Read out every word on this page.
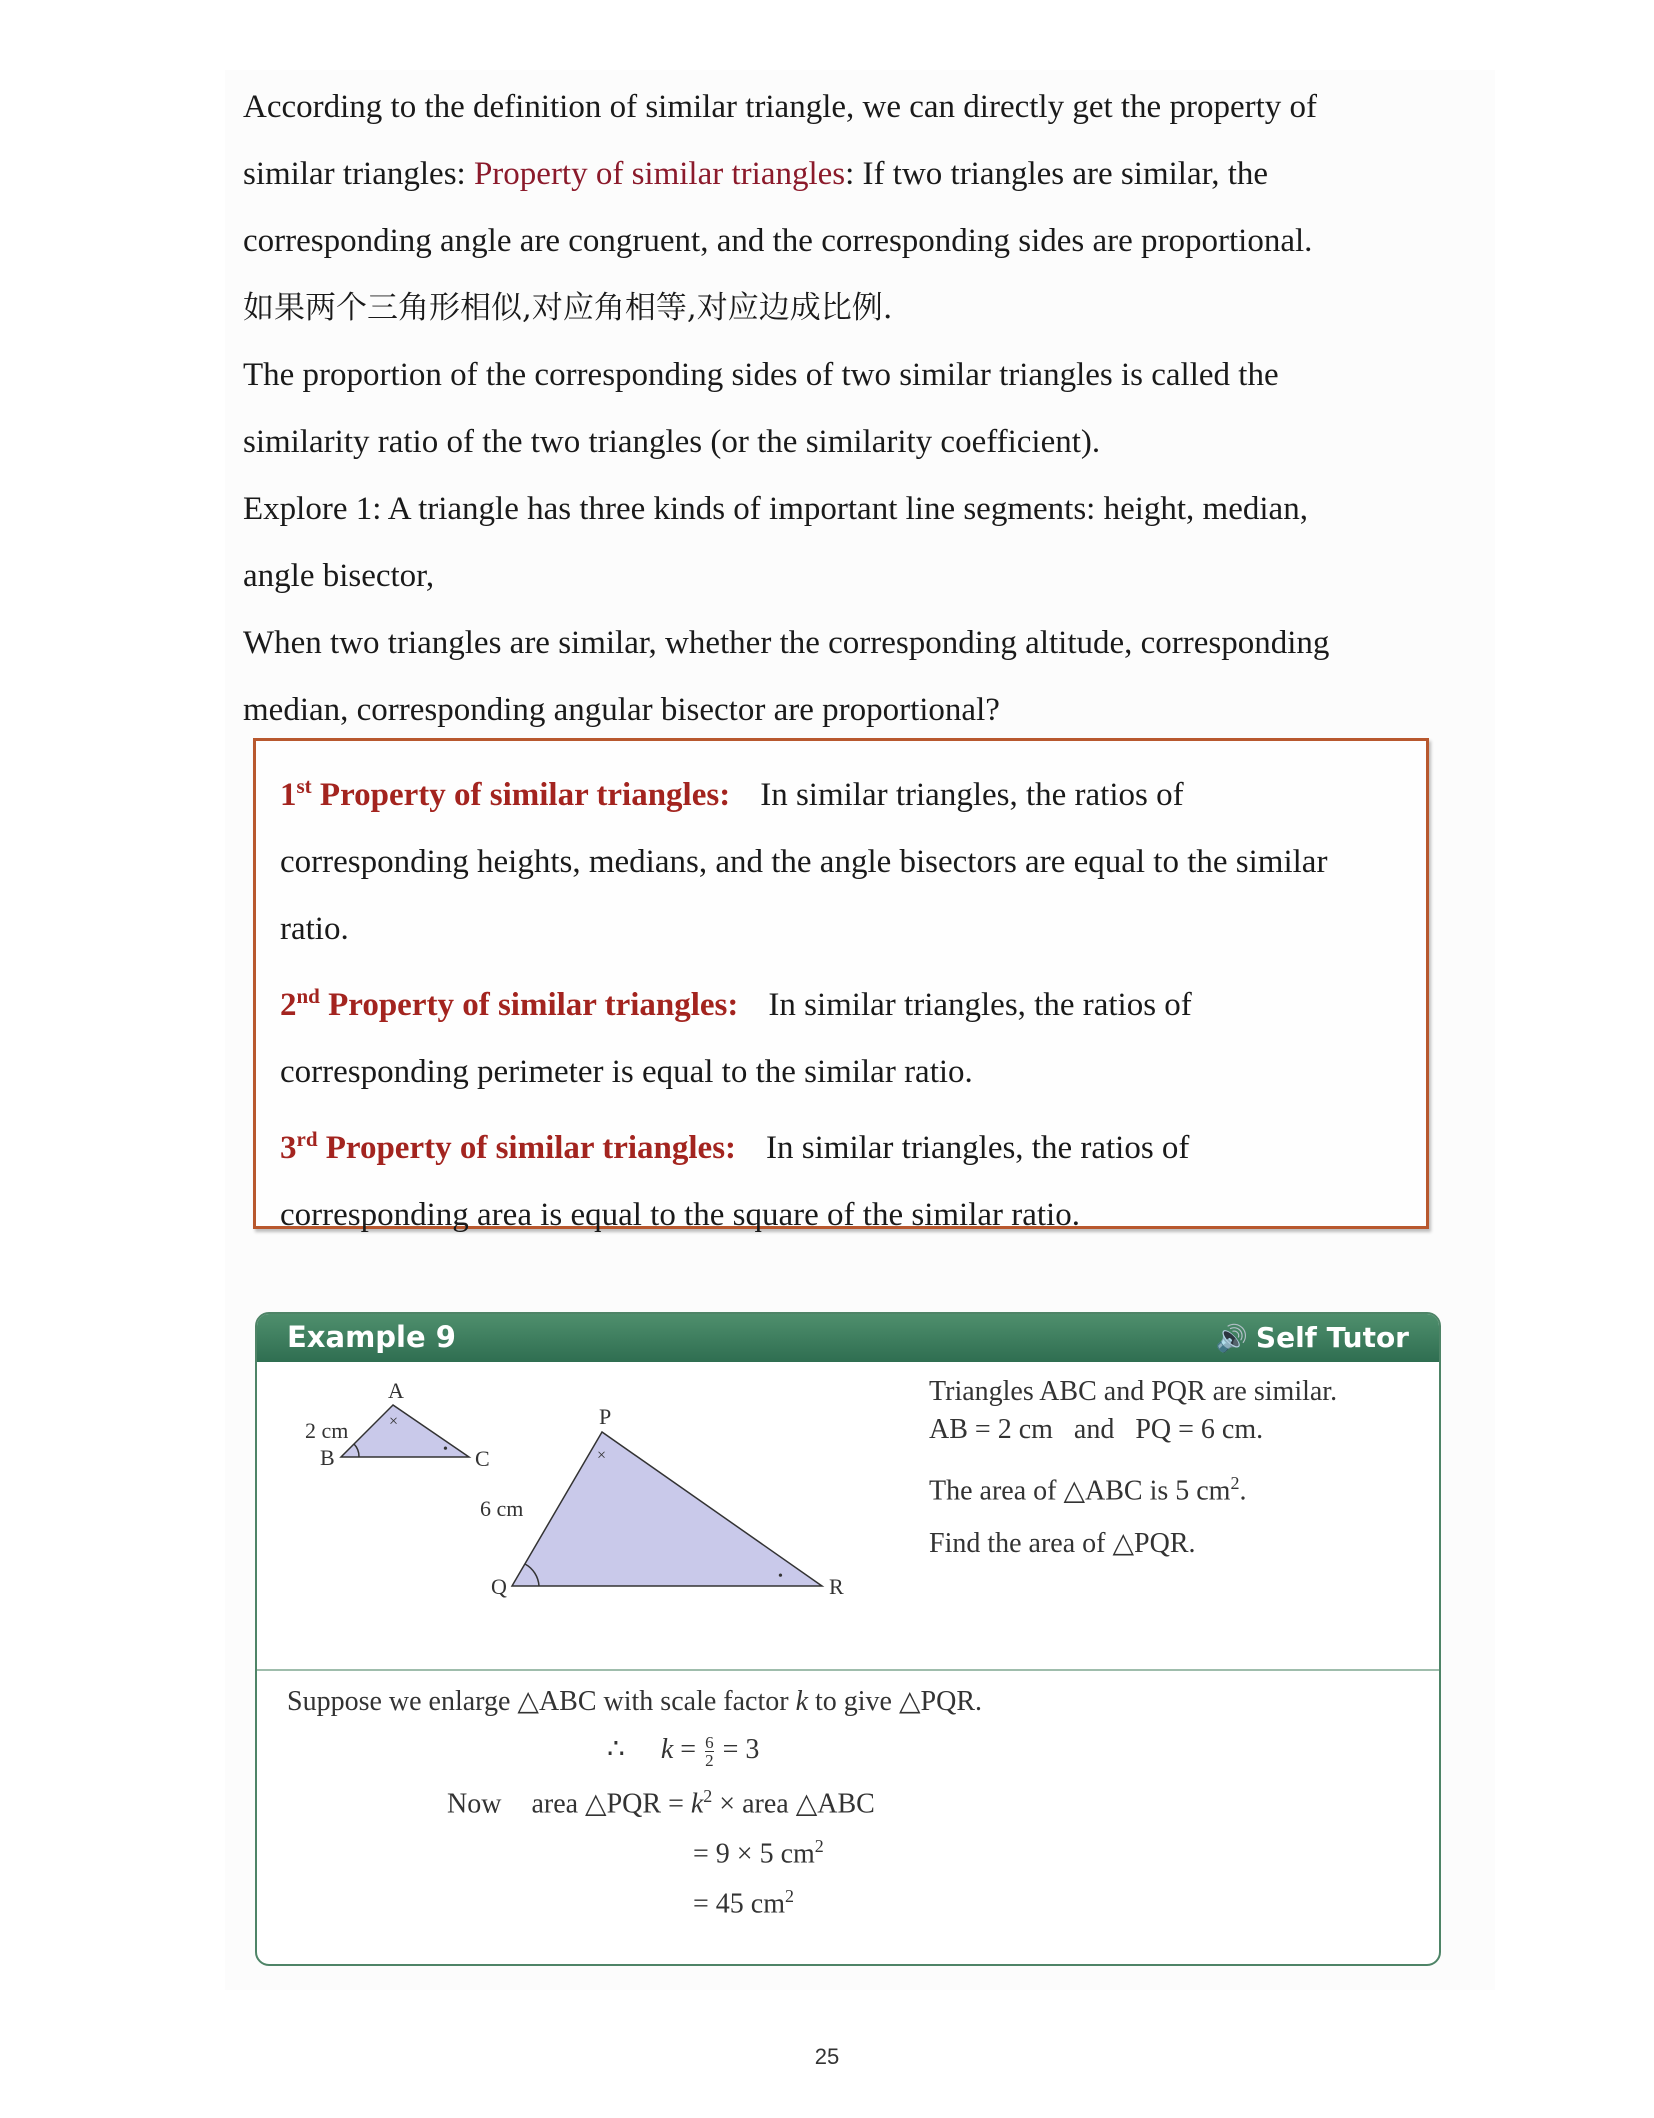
According to the definition of similar triangle, we can directly get the property of
similar triangles: Property of similar triangles: If two triangles are similar, the
corresponding angle are congruent, and the corresponding sides are proportional.
如果两个三角形相似,对应角相等,对应边成比例.
The proportion of the corresponding sides of two similar triangles is called the
similarity ratio of the two triangles (or the similarity coefficient).
Explore 1: A triangle has three kinds of important line segments: height, median,
angle bisector,
When two triangles are similar, whether the corresponding altitude, corresponding
median, corresponding angular bisector are proportional?
1st Property of similar triangles: In similar triangles, the ratios of
corresponding heights, medians, and the angle bisectors are equal to the similar
ratio.
2nd Property of similar triangles: In similar triangles, the ratios of
corresponding perimeter is equal to the similar ratio.
3rd Property of similar triangles: In similar triangles, the ratios of
corresponding area is equal to the square of the similar ratio.
Example 9	🔊 Self Tutor
A
B	C
2 cm	×
•
P
Q	R
6 cm
×
•
Triangles ABC and PQR are similar.
AB = 2 cm   and   PQ = 6 cm.
The area of △ABC is 5 $cm^2$.
Find the area of △PQR.
Suppose we enlarge △ABC with scale factor k to give △PQR.
∴ $k = \frac{6}{2} = 3$
Now area △PQR = $k^2$ × area △ABC
= 9 × 5 $cm^2$
= 45 $cm^2$
25
